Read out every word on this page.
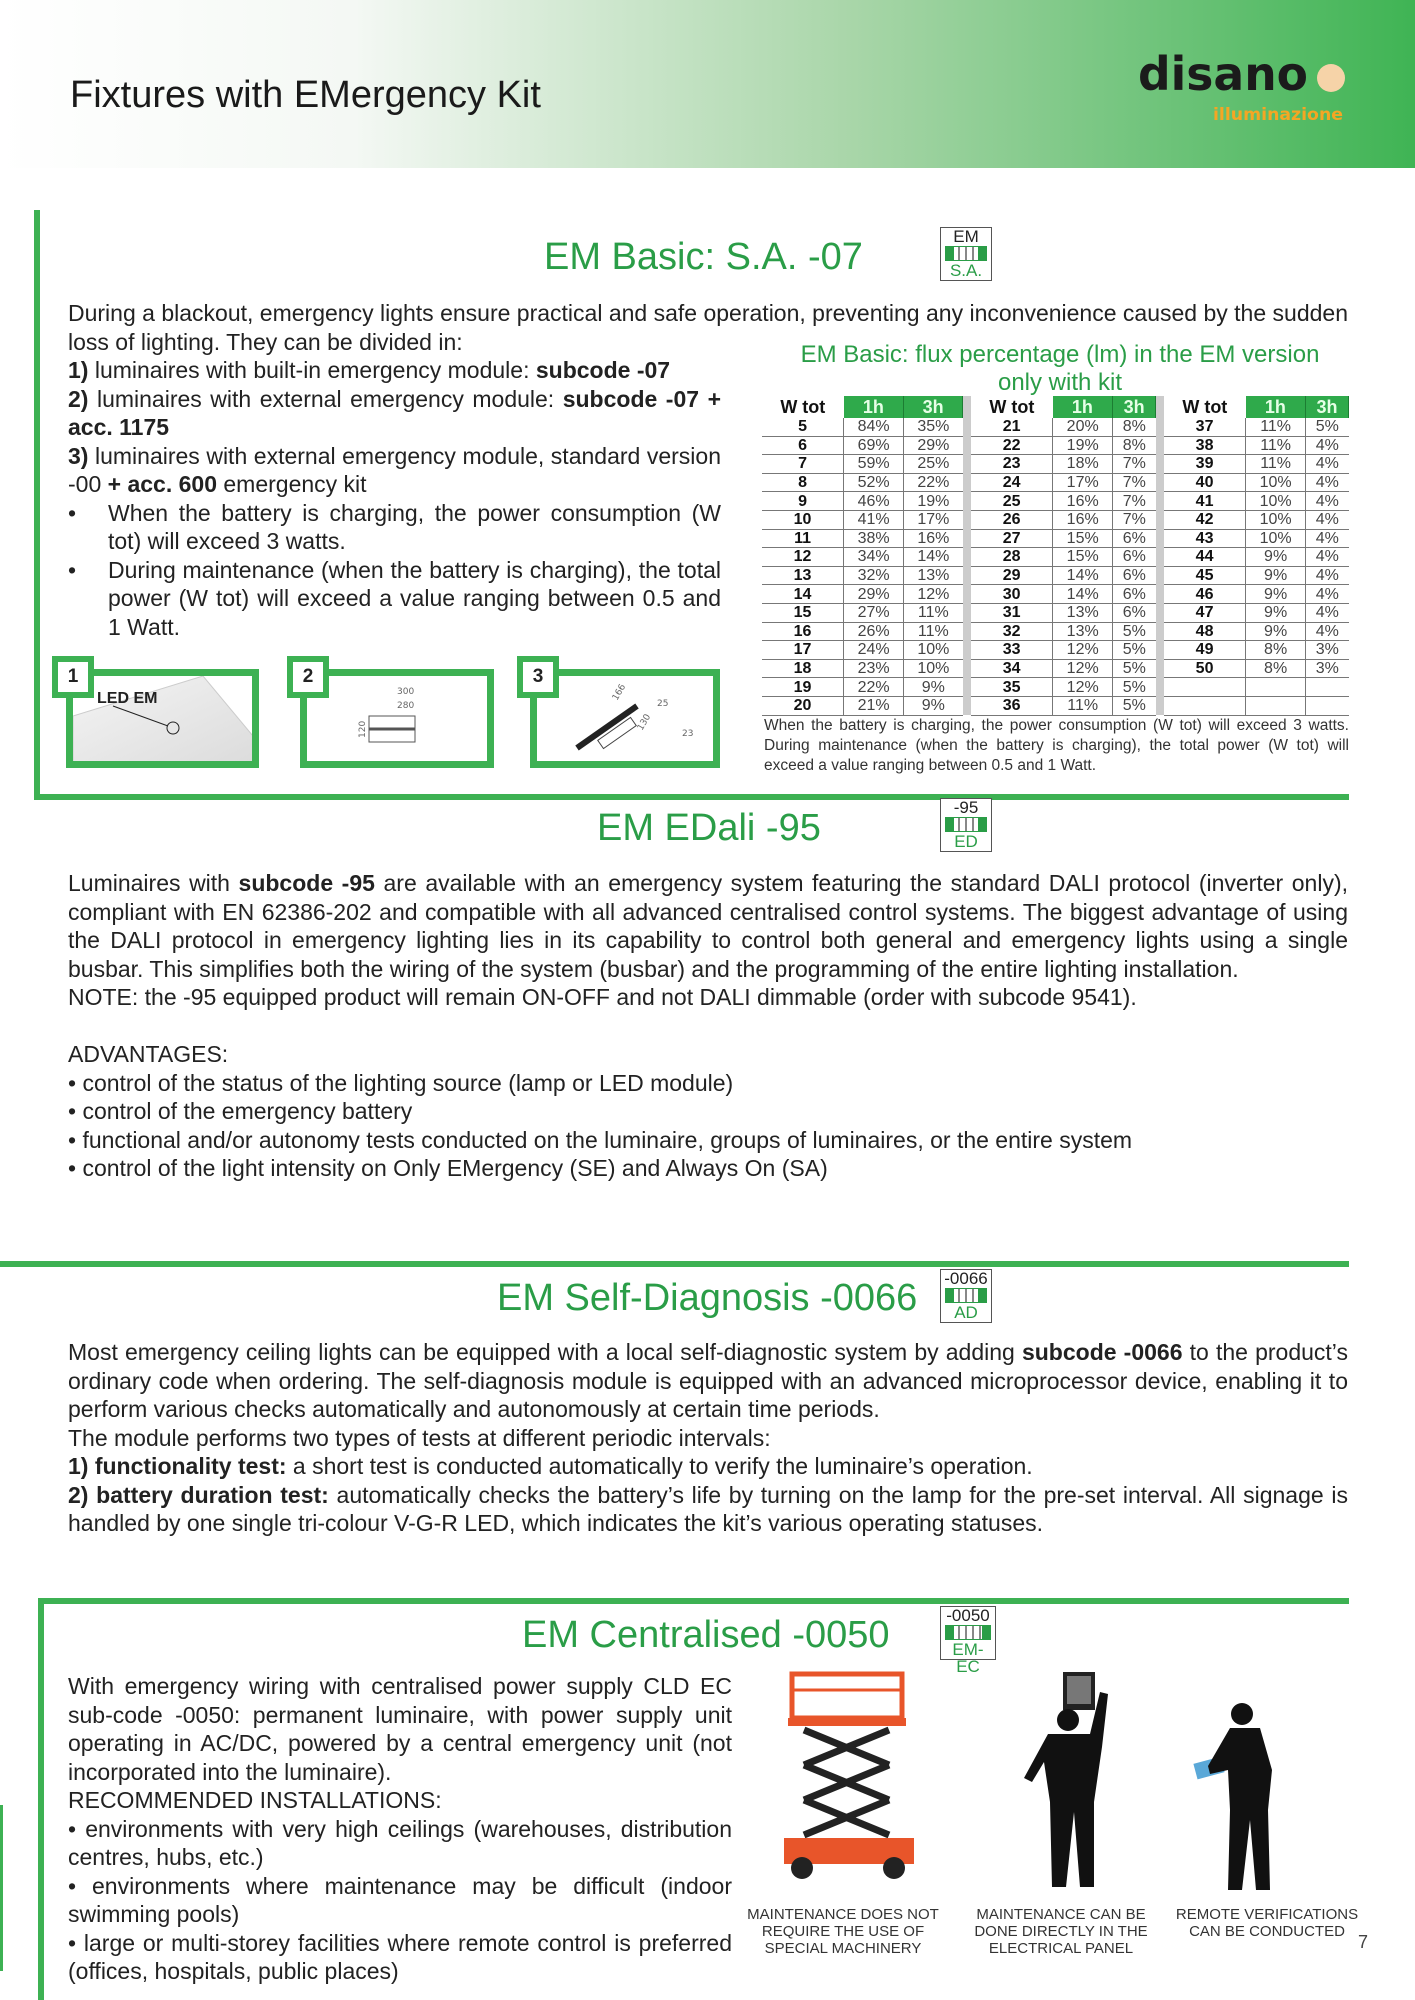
Fixtures with EMergency Kit	disano
illuminazione
EM Basic: S.A. -07	EM
S.A.

During a blackout, emergency lights ensure practical and safe operation, preventing any inconvenience caused by the sudden loss of lighting. They can be divided in:

1) luminaires with built-in emergency module: subcode -07

2) luminaires with external emergency module: subcode -07 + acc. 1175

3) luminaires with external emergency module, standard version -00 + acc. 600 emergency kit

• When the battery is charging, the power consumption (W tot) will exceed 3 watts.

• During maintenance (when the battery is charging), the total power (W tot) will exceed a value ranging between 0.5 and 1 Watt.

LED EM
1
300
280
120
2
25
23
166
130
3
EM Basic: flux percentage (lm) in the EM version only with kit
W tot	1h	3h		W tot	1h	3h		W tot	1h	3h
5	84%	35%		21	20%	8%		37	11%	5%
6	69%	29%		22	19%	8%		38	11%	4%
7	59%	25%		23	18%	7%		39	11%	4%
8	52%	22%		24	17%	7%		40	10%	4%
9	46%	19%		25	16%	7%		41	10%	4%
10	41%	17%		26	16%	7%		42	10%	4%
11	38%	16%		27	15%	6%		43	10%	4%
12	34%	14%		28	15%	6%		44	9%	4%
13	32%	13%		29	14%	6%		45	9%	4%
14	29%	12%		30	14%	6%		46	9%	4%
15	27%	11%		31	13%	6%		47	9%	4%
16	26%	11%		32	13%	5%		48	9%	4%
17	24%	10%		33	12%	5%		49	8%	3%
18	23%	10%		34	12%	5%		50	8%	3%
19	22%	9%		35	12%	5%				
20	21%	9%		36	11%	5%				
When the battery is charging, the power consumption (W tot) will exceed 3 watts. During maintenance (when the battery is charging), the total power (W tot) will exceed a value ranging between 0.5 and 1 Watt.
EM EDali -95	-95
ED

Luminaires with subcode -95 are available with an emergency system featuring the standard DALI protocol (inverter only), compliant with EN 62386-202 and compatible with all advanced centralised control systems. The biggest advantage of using the DALI protocol in emergency lighting lies in its capability to control both general and emergency lights using a single busbar. This simplifies both the wiring of the system (busbar) and the programming of the entire lighting installation.

NOTE: the -95 equipped product will remain ON-OFF and not DALI dimmable (order with subcode 9541).

ADVANTAGES:

• control of the status of the lighting source (lamp or LED module)

• control of the emergency battery

• functional and/or autonomy tests conducted on the luminaire, groups of luminaires, or the entire system

• control of the light intensity on Only EMergency (SE) and Always On (SA)

EM Self-Diagnosis -0066 -0066
AD

Most emergency ceiling lights can be equipped with a local self-diagnostic system by adding subcode -0066 to the product’s ordinary code when ordering. The self-diagnosis module is equipped with an advanced microprocessor device, enabling it to perform various checks automatically and autonomously at certain time periods.

The module performs two types of tests at different periodic intervals:

1) functionality test: a short test is conducted automatically to verify the luminaire’s operation.

2) battery duration test: automatically checks the battery’s life by turning on the lamp for the pre-set interval. All signage is handled by one single tri-colour V-G-R LED, which indicates the kit’s various operating statuses.

EM Centralised -0050	-0050
EM-EC

With emergency wiring with centralised power supply CLD EC sub-code -0050: permanent luminaire, with power supply unit operating in AC/DC, powered by a central emergency unit (not incorporated into the luminaire).

RECOMMENDED INSTALLATIONS:

• environments with very high ceilings (warehouses, distribution centres, hubs, etc.)

• environments where maintenance may be difficult (indoor swimming pools)

• large or multi-storey facilities where remote control is preferred (offices, hospitals, public places)

MAINTENANCE DOES NOT REQUIRE THE USE OF SPECIAL MACHINERY
MAINTENANCE CAN BE DONE DIRECTLY IN THE ELECTRICAL PANEL
REMOTE VERIFICATIONS CAN BE CONDUCTED
7
